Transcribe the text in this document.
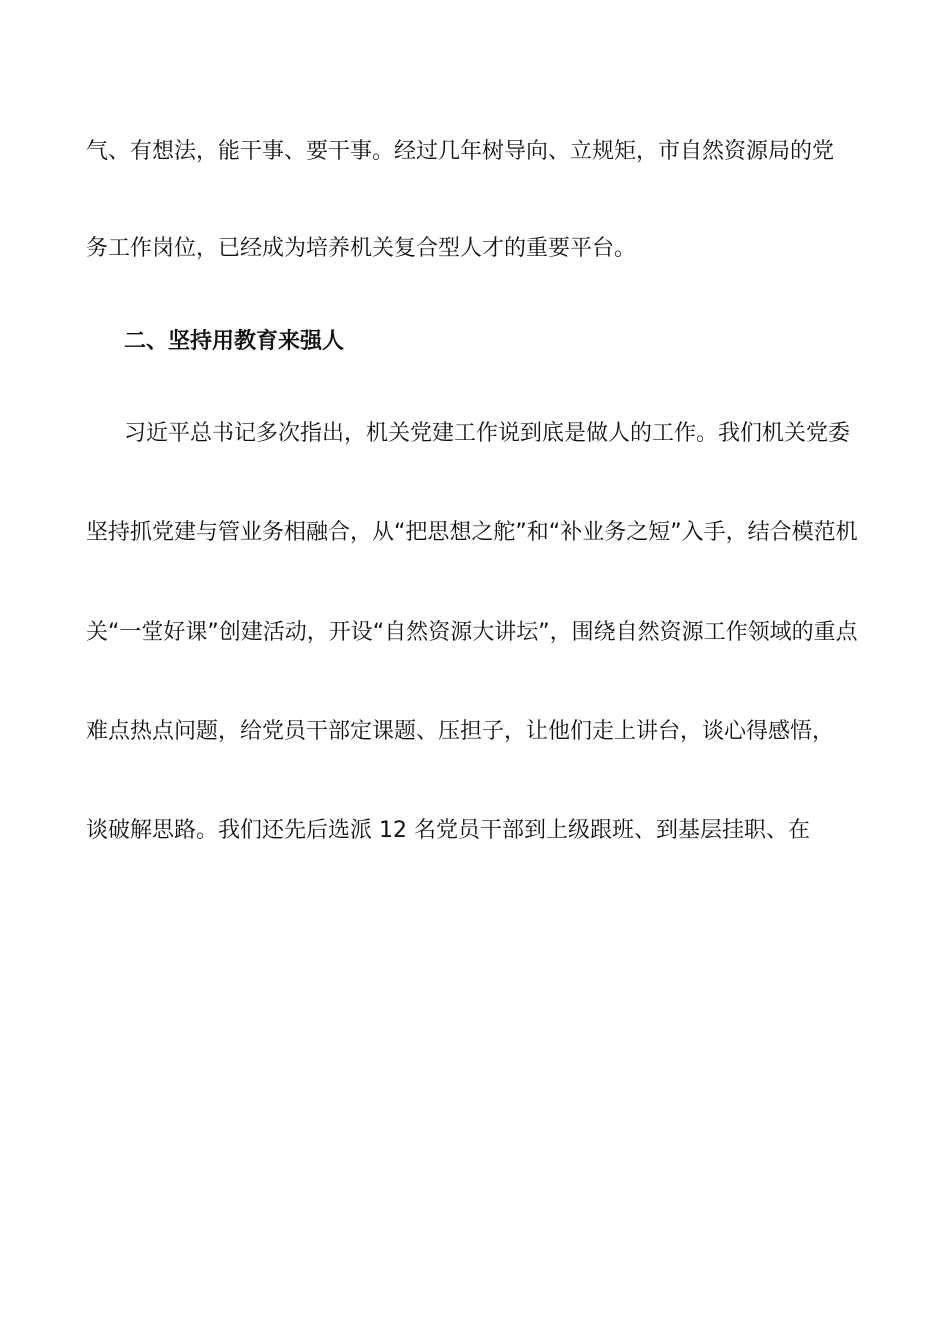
气、有想法，能干事、要干事。经过几年树导向、立规矩，市自然资源局的党
务工作岗位，已经成为培养机关复合型人才的重要平台。
二、坚持用教育来强人
习近平总书记多次指出，机关党建工作说到底是做人的工作。我们机关党委
坚持抓党建与管业务相融合，从“把思想之舵”和“补业务之短”入手，结合模范机
关“一堂好课”创建活动，开设“自然资源大讲坛”，围绕自然资源工作领域的重点
难点热点问题，给党员干部定课题、压担子，让他们走上讲台，谈心得感悟，
谈破解思路。我们还先后选派 12 名党员干部到上级跟班、到基层挂职、在
